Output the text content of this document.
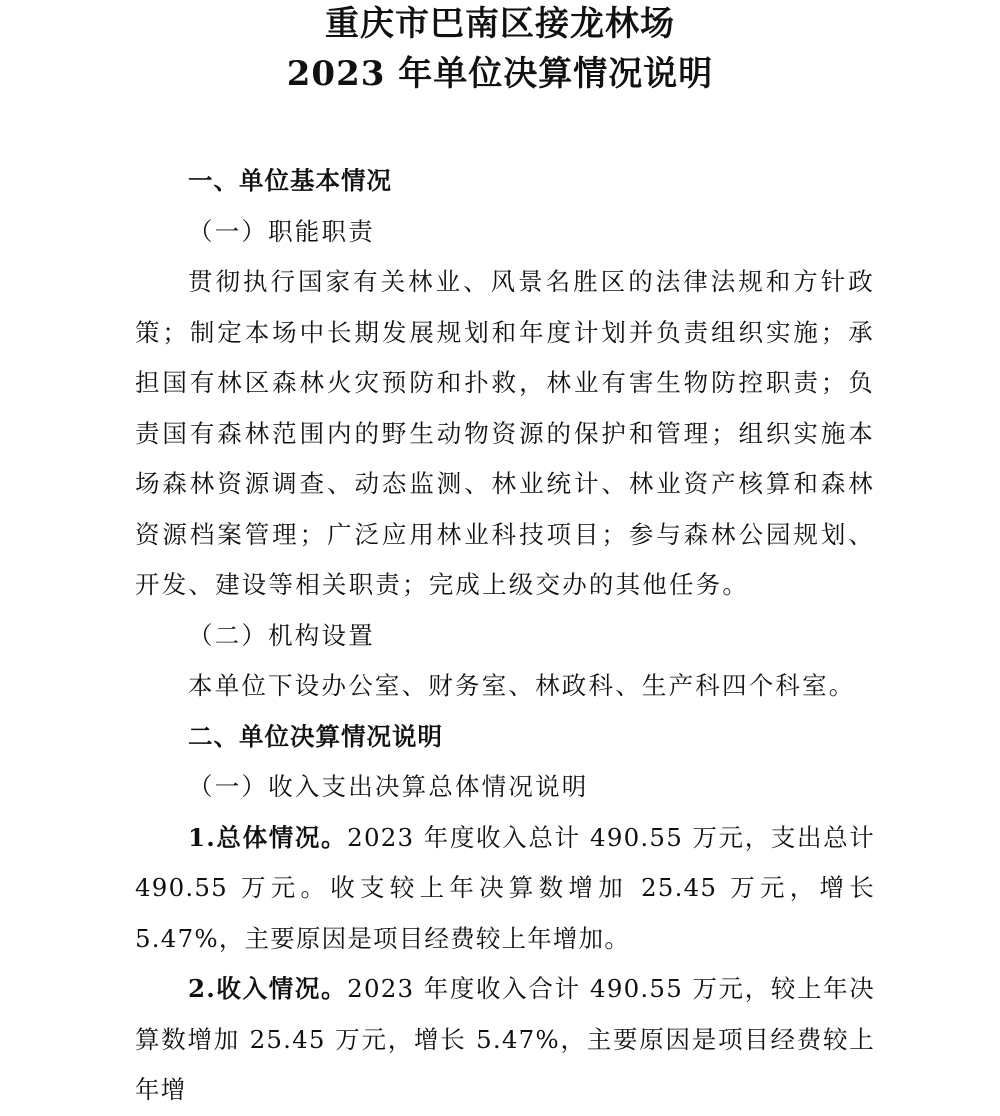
重庆市巴南区接龙林场
2023 年单位决算情况说明

一、单位基本情况

（一）职能职责

贯彻执行国家有关林业、风景名胜区的法律法规和方针政策；制定本场中长期发展规划和年度计划并负责组织实施；承担国有林区森林火灾预防和扑救，林业有害生物防控职责；负责国有森林范围内的野生动物资源的保护和管理；组织实施本场森林资源调查、动态监测、林业统计、林业资产核算和森林资源档案管理；广泛应用林业科技项目；参与森林公园规划、开发、建设等相关职责；完成上级交办的其他任务。

（二）机构设置

本单位下设办公室、财务室、林政科、生产科四个科室。

二、单位决算情况说明

（一）收入支出决算总体情况说明

1.总体情况。2023 年度收入总计 490.55 万元，支出总计 490.55 万元。收支较上年决算数增加 25.45 万元，增长 5.47%，主要原因是项目经费较上年增加。

2.收入情况。2023 年度收入合计 490.55 万元，较上年决算数增加 25.45 万元，增长 5.47%，主要原因是项目经费较上年增
